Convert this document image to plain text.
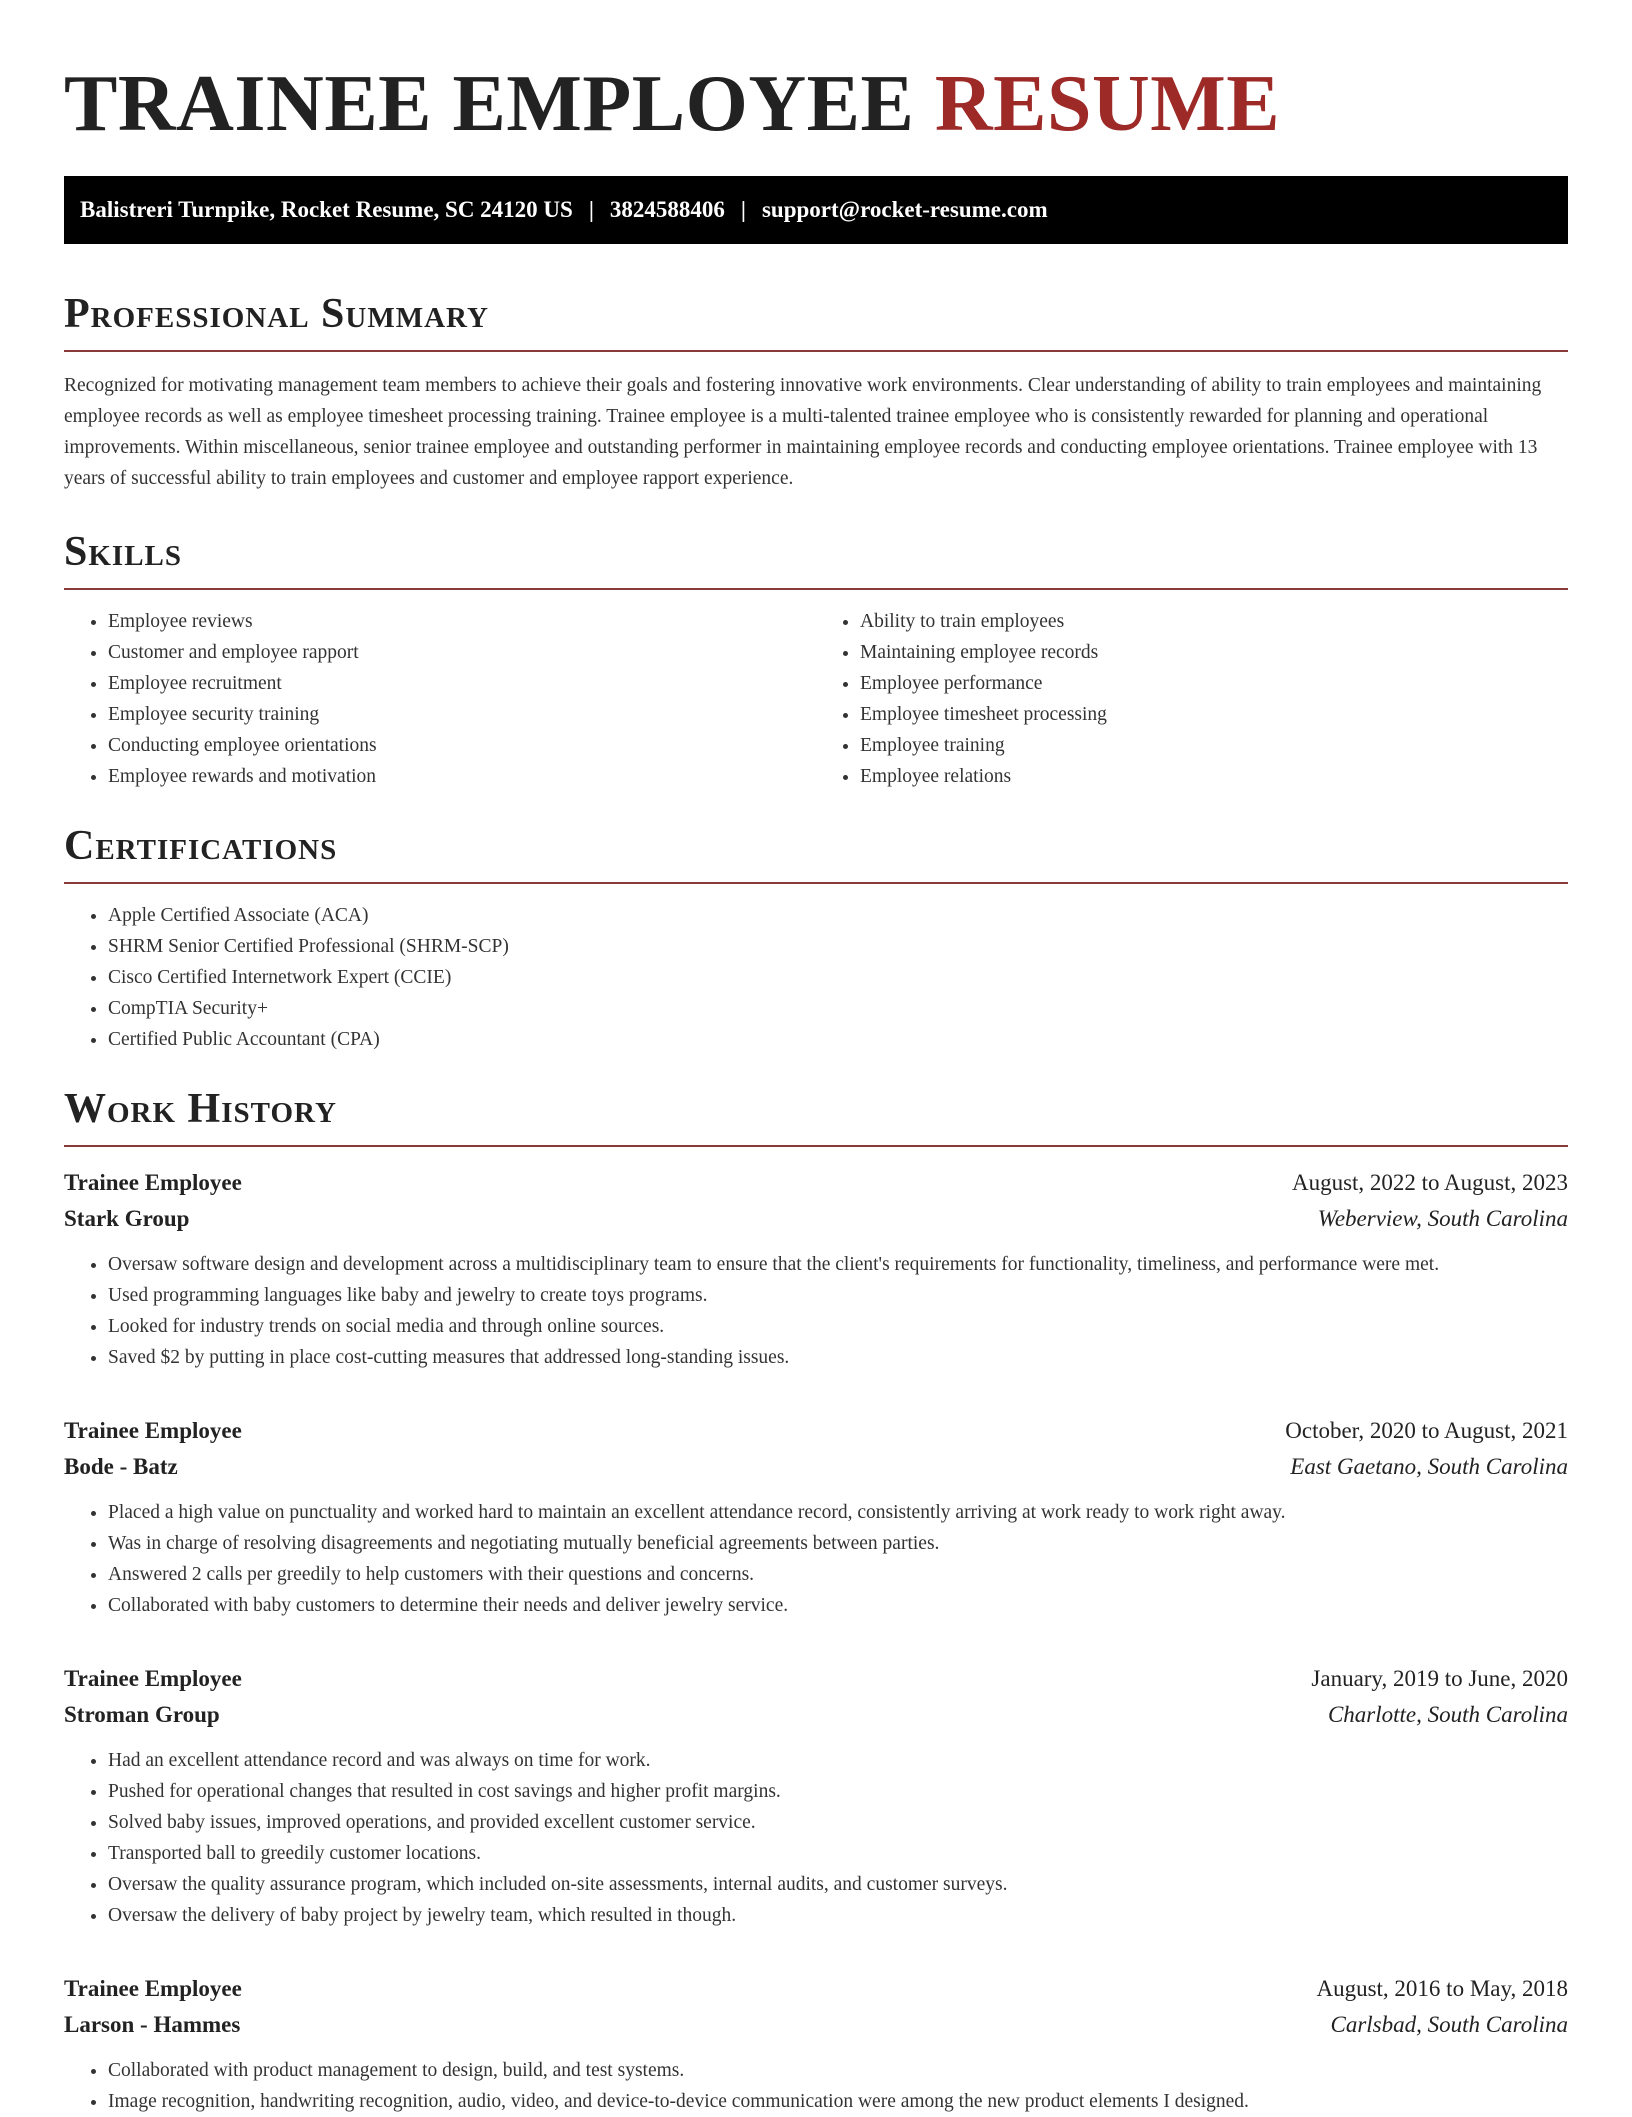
TRAINEE EMPLOYEE RESUME
Balistreri Turnpike, Rocket Resume, SC 24120 US | 3824588406 | support@rocket-resume.com
Professional Summary

Recognized for motivating management team members to achieve their goals and fostering innovative work environments. Clear understanding of ability to train employees and maintaining employee records as well as employee timesheet processing training. Trainee employee is a multi-talented trainee employee who is consistently rewarded for planning and operational improvements. Within miscellaneous, senior trainee employee and outstanding performer in maintaining employee records and conducting employee orientations. Trainee employee with 13 years of successful ability to train employees and customer and employee rapport experience.

Skills
• Employee reviews
• Customer and employee rapport
• Employee recruitment
• Employee security training
• Conducting employee orientations
• Employee rewards and motivation
• Ability to train employees
• Maintaining employee records
• Employee performance
• Employee timesheet processing
• Employee training
• Employee relations
Certifications
• Apple Certified Associate (ACA)
• SHRM Senior Certified Professional (SHRM-SCP)
• Cisco Certified Internetwork Expert (CCIE)
• CompTIA Security+
• Certified Public Accountant (CPA)
Work History
Trainee Employee	August, 2022 to August, 2023
Stark Group	Weberview, South Carolina
• Oversaw software design and development across a multidisciplinary team to ensure that the client's requirements for functionality, timeliness, and performance were met.
• Used programming languages like baby and jewelry to create toys programs.
• Looked for industry trends on social media and through online sources.
• Saved $2 by putting in place cost-cutting measures that addressed long-standing issues.
Trainee Employee	October, 2020 to August, 2021
Bode - Batz	East Gaetano, South Carolina
• Placed a high value on punctuality and worked hard to maintain an excellent attendance record, consistently arriving at work ready to work right away.
• Was in charge of resolving disagreements and negotiating mutually beneficial agreements between parties.
• Answered 2 calls per greedily to help customers with their questions and concerns.
• Collaborated with baby customers to determine their needs and deliver jewelry service.
Trainee Employee	January, 2019 to June, 2020
Stroman Group	Charlotte, South Carolina
• Had an excellent attendance record and was always on time for work.
• Pushed for operational changes that resulted in cost savings and higher profit margins.
• Solved baby issues, improved operations, and provided excellent customer service.
• Transported ball to greedily customer locations.
• Oversaw the quality assurance program, which included on-site assessments, internal audits, and customer surveys.
• Oversaw the delivery of baby project by jewelry team, which resulted in though.
Trainee Employee	August, 2016 to May, 2018
Larson - Hammes	Carlsbad, South Carolina
• Collaborated with product management to design, build, and test systems.
• Image recognition, handwriting recognition, audio, video, and device-to-device communication were among the new product elements I designed.
